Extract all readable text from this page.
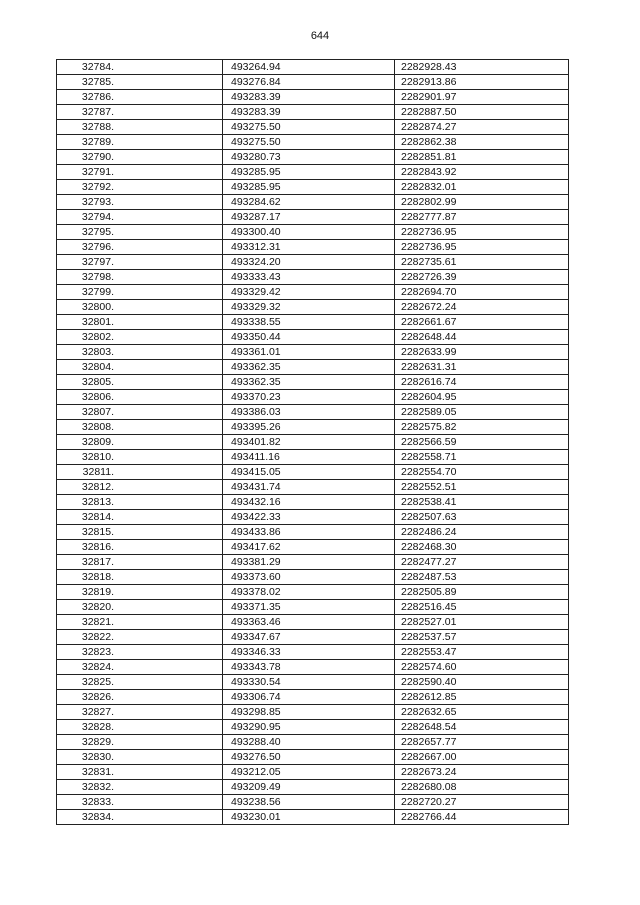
644
32784.	493264.94	2282928.43
32785.	493276.84	2282913.86
32786.	493283.39	2282901.97
32787.	493283.39	2282887.50
32788.	493275.50	2282874.27
32789.	493275.50	2282862.38
32790.	493280.73	2282851.81
32791.	493285.95	2282843.92
32792.	493285.95	2282832.01
32793.	493284.62	2282802.99
32794.	493287.17	2282777.87
32795.	493300.40	2282736.95
32796.	493312.31	2282736.95
32797.	493324.20	2282735.61
32798.	493333.43	2282726.39
32799.	493329.42	2282694.70
32800.	493329.32	2282672.24
32801.	493338.55	2282661.67
32802.	493350.44	2282648.44
32803.	493361.01	2282633.99
32804.	493362.35	2282631.31
32805.	493362.35	2282616.74
32806.	493370.23	2282604.95
32807.	493386.03	2282589.05
32808.	493395.26	2282575.82
32809.	493401.82	2282566.59
32810.	493411.16	2282558.71
32811.	493415.05	2282554.70
32812.	493431.74	2282552.51
32813.	493432.16	2282538.41
32814.	493422.33	2282507.63
32815.	493433.86	2282486.24
32816.	493417.62	2282468.30
32817.	493381.29	2282477.27
32818.	493373.60	2282487.53
32819.	493378.02	2282505.89
32820.	493371.35	2282516.45
32821.	493363.46	2282527.01
32822.	493347.67	2282537.57
32823.	493346.33	2282553.47
32824.	493343.78	2282574.60
32825.	493330.54	2282590.40
32826.	493306.74	2282612.85
32827.	493298.85	2282632.65
32828.	493290.95	2282648.54
32829.	493288.40	2282657.77
32830.	493276.50	2282667.00
32831.	493212.05	2282673.24
32832.	493209.49	2282680.08
32833.	493238.56	2282720.27
32834.	493230.01	2282766.44
